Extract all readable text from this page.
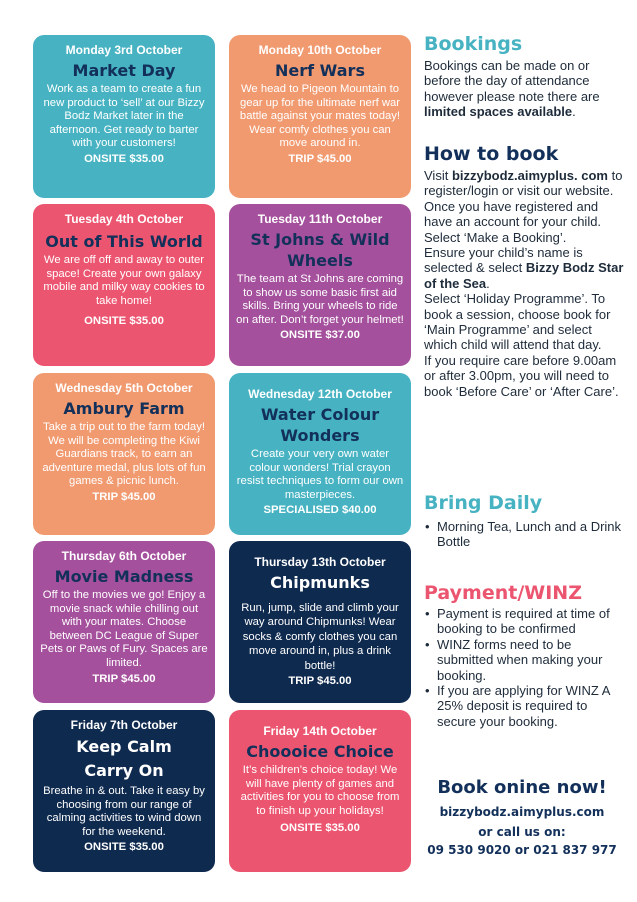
Monday 3rd October
Market Day
Work as a team to create a fun new product to ‘sell’ at our Bizzy Bodz Market later in the afternoon. Get ready to barter with your customers!
ONSITE $35.00
Tuesday 4th October
Out of This World
We are off off and away to outer space! Create your own galaxy mobile and milky way cookies to take home!
ONSITE $35.00
Wednesday 5th October
Ambury Farm
Take a trip out to the farm today! We will be completing the Kiwi Guardians track, to earn an adventure medal, plus lots of fun games & picnic lunch.
TRIP $45.00
Thursday 6th October
Movie Madness
Off to the movies we go! Enjoy a movie snack while chilling out with your mates. Choose between DC League of Super Pets or Paws of Fury. Spaces are limited.
TRIP $45.00
Friday 7th October
Keep Calm Carry On
Breathe in & out. Take it easy by choosing from our range of calming activities to wind down for the weekend.
ONSITE $35.00
Monday 10th October
Nerf Wars
We head to Pigeon Mountain to gear up for the ultimate nerf war battle against your mates today! Wear comfy clothes you can move around in.
TRIP $45.00
Tuesday 11th October
St Johns & Wild Wheels
The team at St Johns are coming to show us some basic first aid skills. Bring your wheels to ride on after. Don’t forget your helmet!
ONSITE $37.00
Wednesday 12th October
Water Colour Wonders
Create your very own water colour wonders! Trial crayon resist techniques to form our own masterpieces.
SPECIALISED $40.00
Thursday 13th October
Chipmunks
Run, jump, slide and climb your way around Chipmunks! Wear socks & comfy clothes you can move around in, plus a drink bottle!
TRIP $45.00
Friday 14th October
Choooice Choice
It’s children’s choice today! We will have plenty of games and activities for you to choose from to finish up your holidays!
ONSITE $35.00
Bookings
Bookings can be made on or before the day of attendance however please note there are limited spaces available.
How to book

Visit bizzybodz.aimyplus. com to register/login or visit our website.

Once you have registered and have an account for your child.

Select ‘Make a Booking’.

Ensure your child’s name is selected & select Bizzy Bodz Star of the Sea.

Select ‘Holiday Programme’. To book a session, choose book for ‘Main Programme’ and select which child will attend that day.

If you require care before 9.00am or after 3.00pm, you will need to book ‘Before Care’ or ‘After Care’.

Bring Daily
• Morning Tea, Lunch and a Drink Bottle
Payment/WINZ
• Payment is required at time of booking to be confirmed
• WINZ forms need to be submitted when making your booking.
• If you are applying for WINZ A 25% deposit is required to secure your booking.
Book onine now!
bizzybodz.aimyplus.com
or call us on:
09 530 9020 or 021 837 977
